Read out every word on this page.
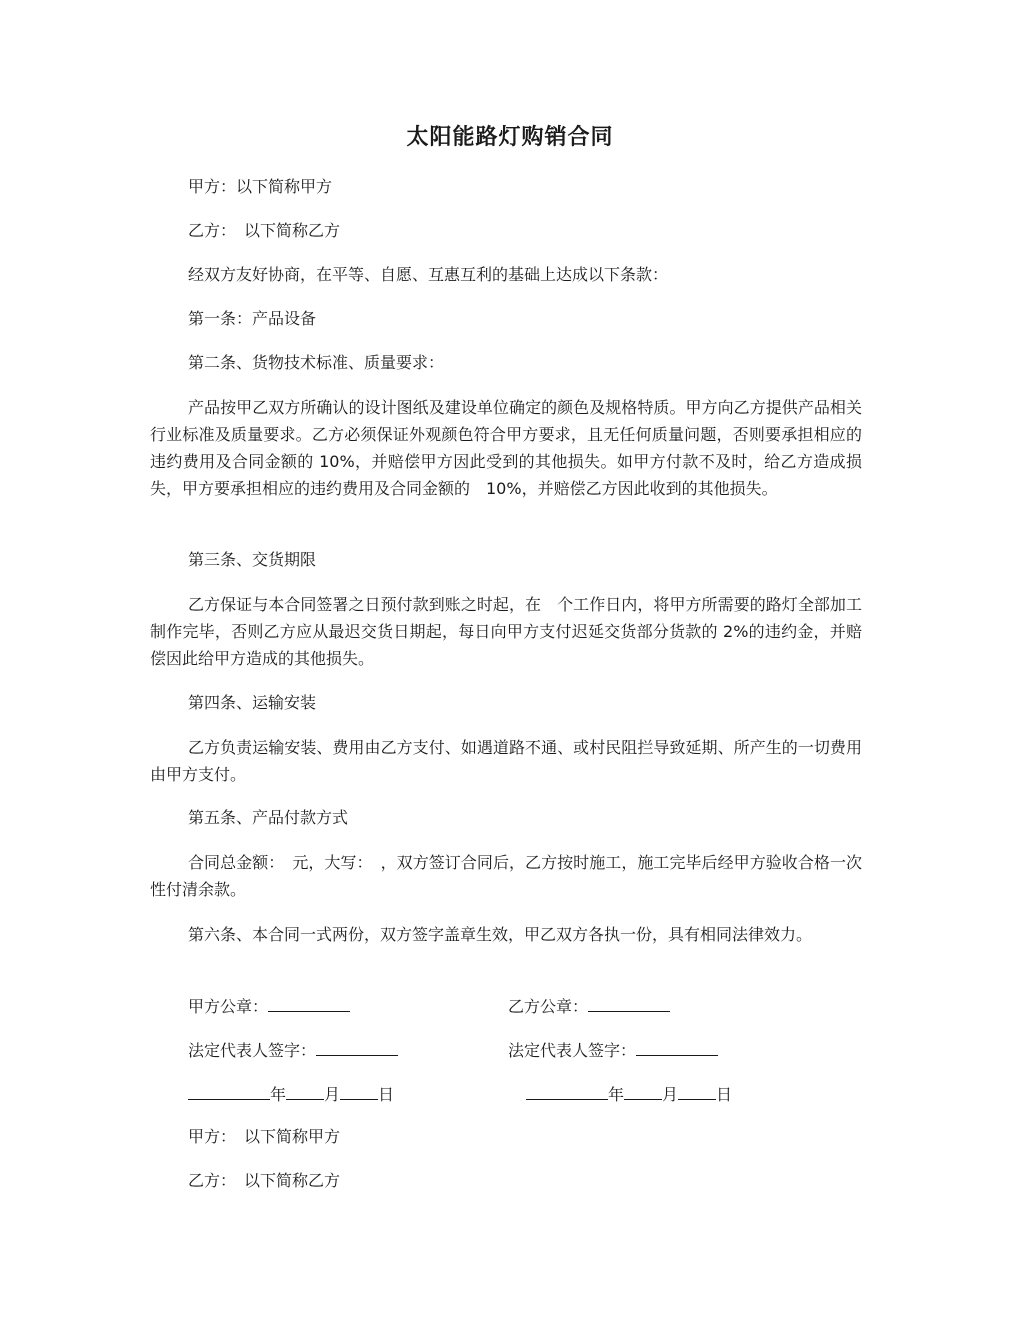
太阳能路灯购销合同
甲方：以下简称甲方
乙方：　以下简称乙方
经双方友好协商，在平等、自愿、互惠互利的基础上达成以下条款：
第一条：产品设备
第二条、货物技术标准、质量要求：
产品按甲乙双方所确认的设计图纸及建设单位确定的颜色及规格特质。甲方向乙方提供产品相关行业标准及质量要求。乙方必须保证外观颜色符合甲方要求，且无任何质量问题，否则要承担相应的违约费用及合同金额的 10%，并赔偿甲方因此受到的其他损失。如甲方付款不及时，给乙方造成损失，甲方要承担相应的违约费用及合同金额的　10%，并赔偿乙方因此收到的其他损失。
第三条、交货期限
乙方保证与本合同签署之日预付款到账之时起，在　个工作日内，将甲方所需要的路灯全部加工制作完毕，否则乙方应从最迟交货日期起，每日向甲方支付迟延交货部分货款的 2%的违约金，并赔偿因此给甲方造成的其他损失。
第四条、运输安装
乙方负责运输安装、费用由乙方支付、如遇道路不通、或村民阻拦导致延期、所产生的一切费用由甲方支付。
第五条、产品付款方式
合同总金额：　元，大写：　，双方签订合同后，乙方按时施工，施工完毕后经甲方验收合格一次性付清余款。
第六条、本合同一式两份，双方签字盖章生效，甲乙双方各执一份，具有相同法律效力。
甲方公章：	乙方公章：
法定代表人签字：	法定代表人签字：
年 月 日	年 月 日
甲方：　以下简称甲方
乙方：　以下简称乙方
